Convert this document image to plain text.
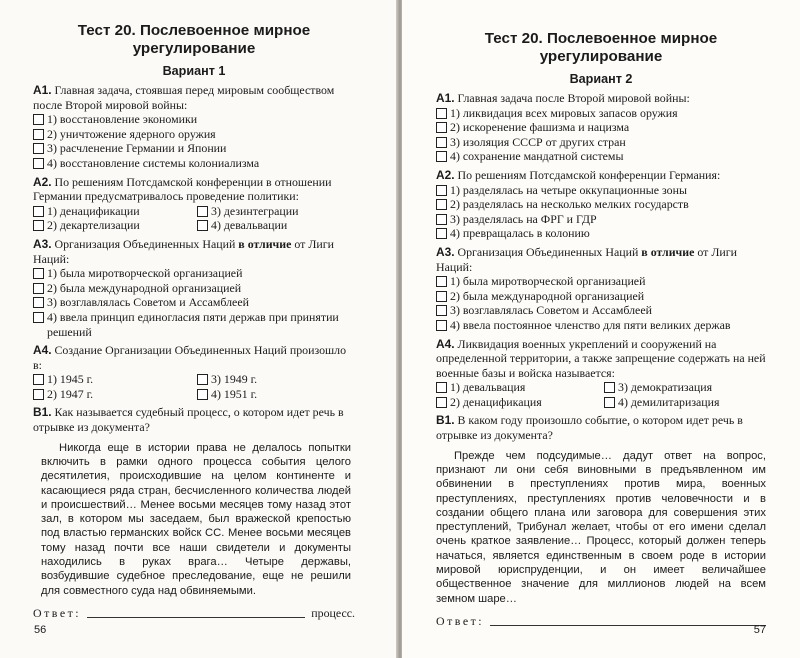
Тест 20. Послевоенное мирное урегулирование

Вариант 1
А1. Главная задача, стоявшая перед мировым сообществом после Второй мировой войны:
1) восстановление экономики
2) уничтожение ядерного оружия
3) расчленение Германии и Японии
4) восстановление системы колониализма
А2. По решениям Потсдамской конференции в отношении Германии предусматривалось проведение политики:
1) денацификации	3) дезинтеграции
2) декартелизации	4) девальвации
А3. Организация Объединенных Наций в отличие от Лиги Наций:
1) была миротворческой организацией
2) была международной организацией
3) возглавлялась Советом и Ассамблеей
4) ввела принцип единогласия пяти держав при принятии решений
А4. Создание Организации Объединенных Наций произошло в:
1) 1945 г.	3) 1949 г.
2) 1947 г.	4) 1951 г.
В1. Как называется судебный процесс, о котором идет речь в отрывке из документа?

Никогда еще в истории права не делалось попытки включить в рамки одного процесса события целого десятилетия, происходившие на целом континенте и касающиеся ряда стран, бесчисленного количества людей и происшествий… Менее восьми месяцев тому назад этот зал, в котором мы заседаем, был вражеской крепостью под властью германских войск СС. Менее восьми месяцев тому назад почти все наши свидетели и документы находились в руках врага… Четыре державы, возбудившие судебное преследование, еще не решили для совместного суда над обвиняемыми.

Ответ:	процесс.
56

Тест 20. Послевоенное мирное урегулирование

Вариант 2
А1. Главная задача после Второй мировой войны:
1) ликвидация всех мировых запасов оружия
2) искоренение фашизма и нацизма
3) изоляция СССР от других стран
4) сохранение мандатной системы
А2. По решениям Потсдамской конференции Германия:
1) разделялась на четыре оккупационные зоны
2) разделялась на несколько мелких государств
3) разделялась на ФРГ и ГДР
4) превращалась в колонию
А3. Организация Объединенных Наций в отличие от Лиги Наций:
1) была миротворческой организацией
2) была международной организацией
3) возглавлялась Советом и Ассамблеей
4) ввела постоянное членство для пяти великих держав
А4. Ликвидация военных укреплений и сооружений на определенной территории, а также запрещение содержать на ней военные базы и войска называется:
1) девальвация	3) демократизация
2) денацификация	4) демилитаризация
В1. В каком году произошло событие, о котором идет речь в отрывке из документа?

Прежде чем подсудимые… дадут ответ на вопрос, признают ли они себя виновными в предъявленном им обвинении в преступлениях против мира, военных преступлениях, преступлениях против человечности и в создании общего плана или заговора для совершения этих преступлений, Трибунал желает, чтобы от его имени сделал очень краткое заявление… Процесс, который должен теперь начаться, является единственным в своем роде в истории мировой юриспруденции, и он имеет величайшее общественное значение для миллионов людей на всем земном шаре…

Ответ:
57
